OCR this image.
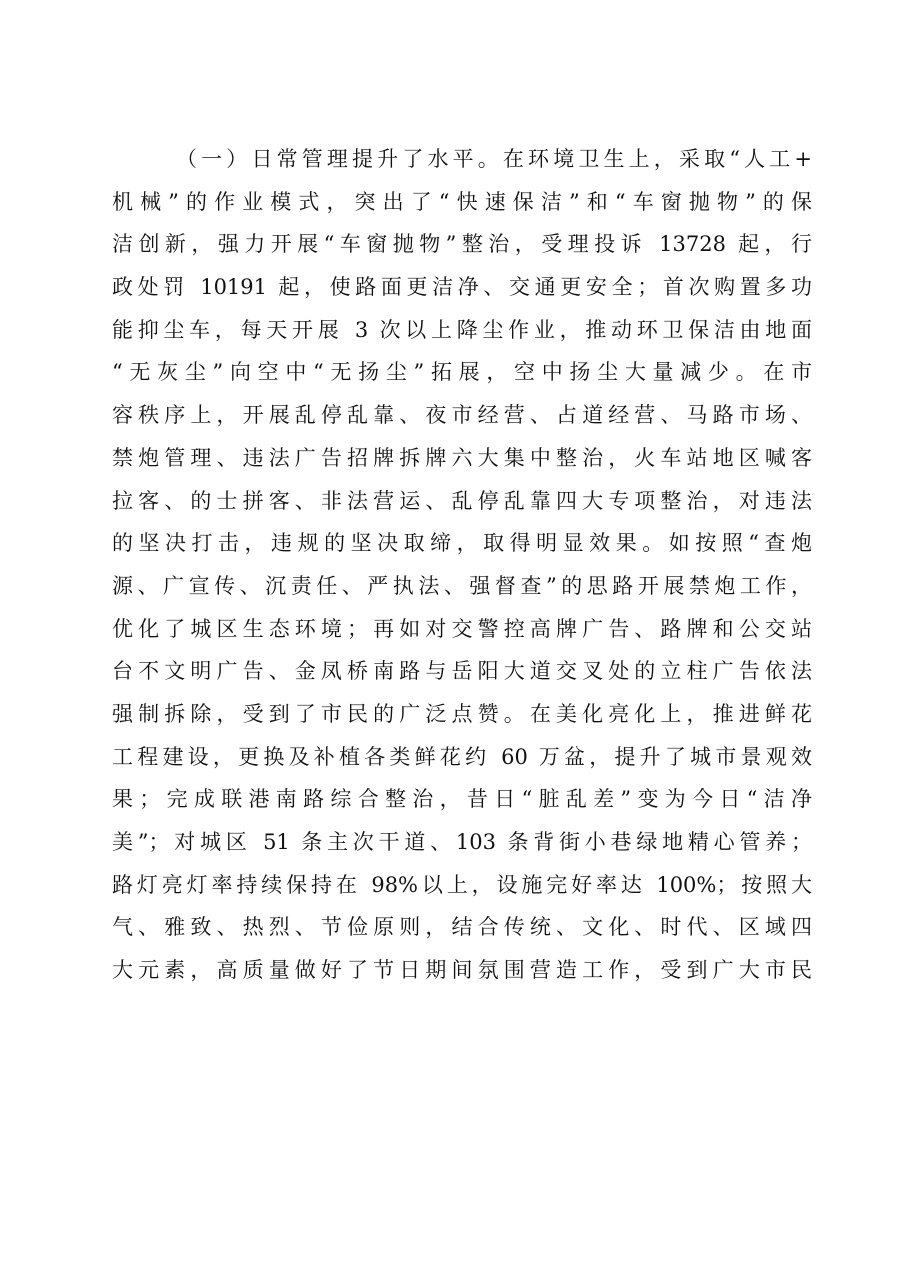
（一）日常管理提升了水平。在环境卫生上，采取“人工+
机械”的作业模式，突出了“快速保洁”和“车窗抛物”的保
洁创新，强力开展“车窗抛物”整治，受理投诉 13728 起，行
政处罚 10191 起，使路面更洁净、交通更安全；首次购置多功
能抑尘车，每天开展 3 次以上降尘作业，推动环卫保洁由地面
“无灰尘”向空中“无扬尘”拓展，空中扬尘大量减少。在市
容秩序上，开展乱停乱靠、夜市经营、占道经营、马路市场、
禁炮管理、违法广告招牌拆牌六大集中整治，火车站地区喊客
拉客、的士拼客、非法营运、乱停乱靠四大专项整治，对违法
的坚决打击，违规的坚决取缔，取得明显效果。如按照“查炮
源、广宣传、沉责任、严执法、强督查”的思路开展禁炮工作，
优化了城区生态环境；再如对交警控高牌广告、路牌和公交站
台不文明广告、金凤桥南路与岳阳大道交叉处的立柱广告依法
强制拆除，受到了市民的广泛点赞。在美化亮化上，推进鲜花
工程建设，更换及补植各类鲜花约 60 万盆，提升了城市景观效
果；完成联港南路综合整治，昔日“脏乱差”变为今日“洁净
美”；对城区 51 条主次干道、103 条背街小巷绿地精心管养；
路灯亮灯率持续保持在 98%以上，设施完好率达 100%；按照大
气、雅致、热烈、节俭原则，结合传统、文化、时代、区域四
大元素，高质量做好了节日期间氛围营造工作，受到广大市民
